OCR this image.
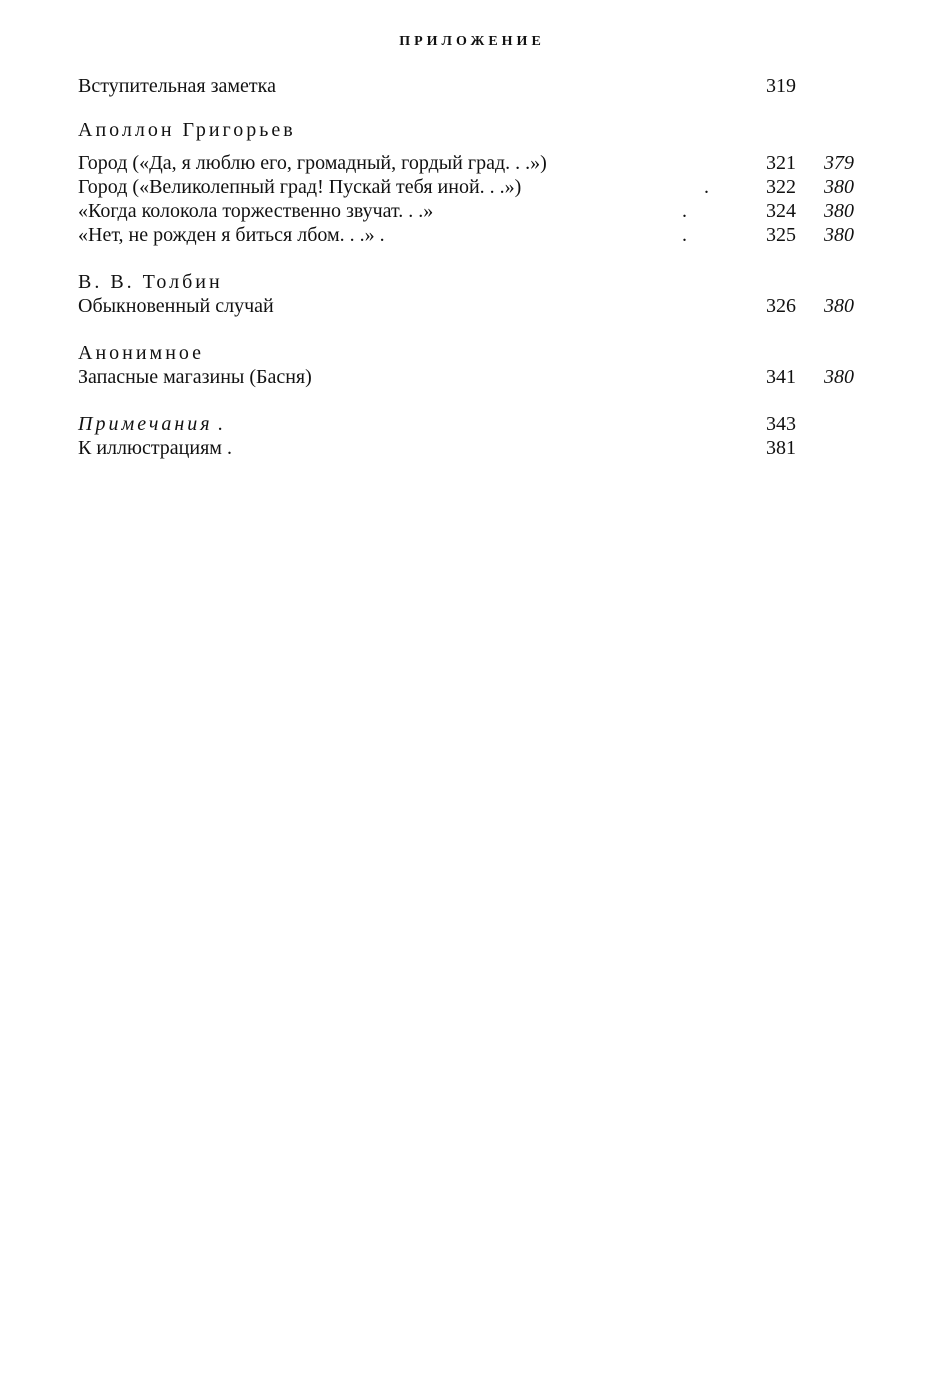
ПРИЛОЖЕНИЕ
Вступительная заметка	319
Аполлон Григорьев
Город («Да, я люблю его, громадный, гордый град. . .»)	321 379
Город («Великолепный град! Пускай тебя иной. . .»)	.	322 380
«Когда колокола торжественно звучат. . .»	.	324 380
«Нет, не рожден я биться лбом. . .» .	.	325 380
В. В. Толбин
Обыкновенный случай	326 380
Анонимное
Запасные магазины (Басня)	341 380
Примечания .	343
К иллюстрациям .	381
